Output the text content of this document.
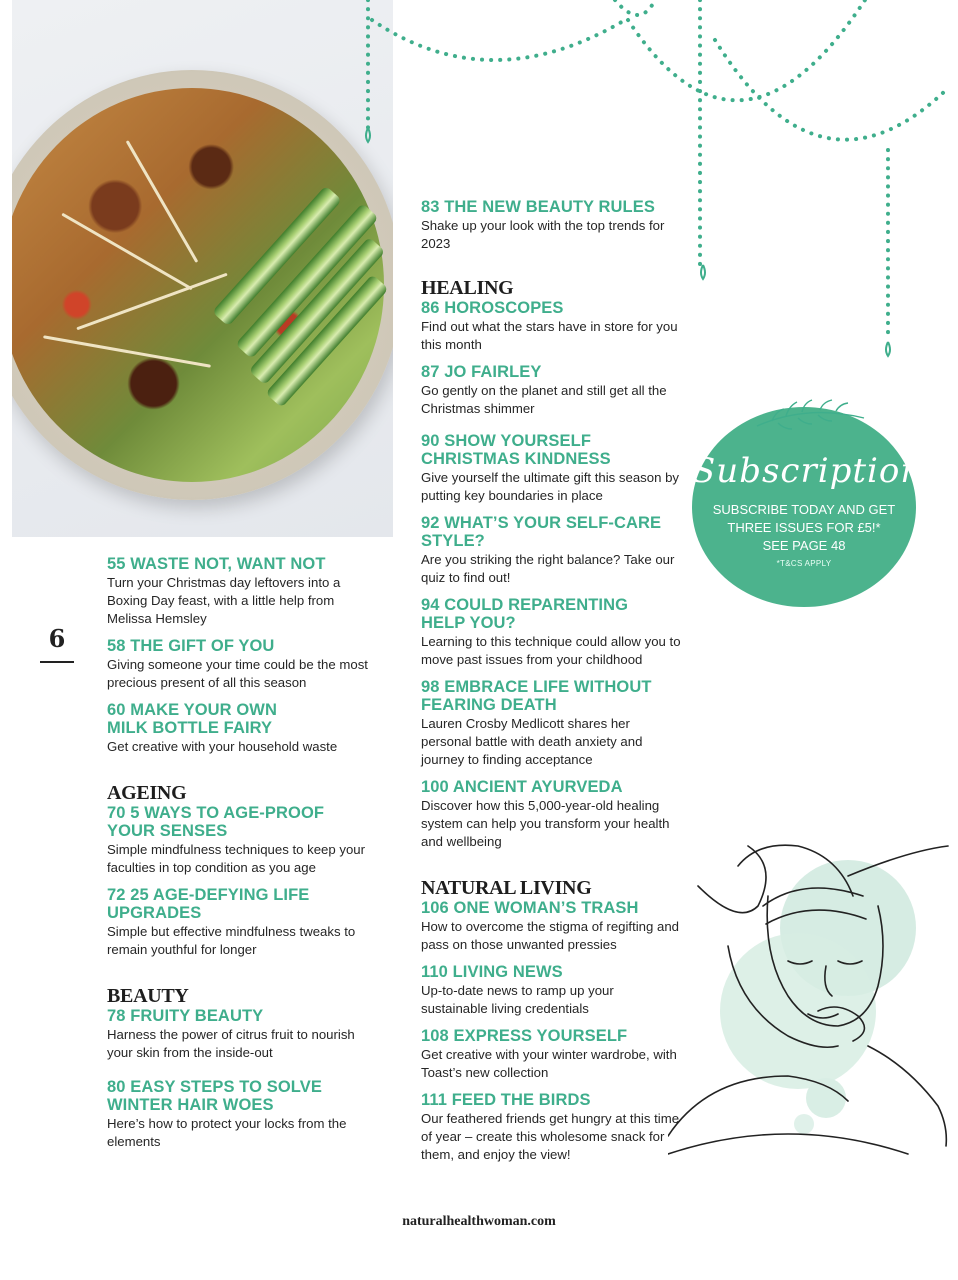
6
55 WASTE NOT, WANT NOT
Turn your Christmas day leftovers into a Boxing Day feast, with a little help from Melissa Hemsley
58 THE GIFT OF YOU
Giving someone your time could be the most precious present of all this season
60 MAKE YOUR OWN
MILK BOTTLE FAIRY
Get creative with your household waste
AGEING
70 5 WAYS TO AGE-PROOF
YOUR SENSES
Simple mindfulness techniques to keep your faculties in top condition as you age
72 25 AGE-DEFYING LIFE
UPGRADES
Simple but effective mindfulness tweaks to remain youthful for longer
BEAUTY
78 FRUITY BEAUTY
Harness the power of citrus fruit to nourish your skin from the inside-out
80 EASY STEPS TO SOLVE
WINTER HAIR WOES
Here’s how to protect your locks from the elements
83 THE NEW BEAUTY RULES
Shake up your look with the top trends for 2023
HEALING
86 HOROSCOPES
Find out what the stars have in store for you this month
87 JO FAIRLEY
Go gently on the planet and still get all the Christmas shimmer
90 SHOW YOURSELF
CHRISTMAS KINDNESS
Give yourself the ultimate gift this season by putting key boundaries in place
92 WHAT’S YOUR SELF-CARE
STYLE?
Are you striking the right balance? Take our quiz to find out!
94 COULD REPARENTING
HELP YOU?
Learning to this technique could allow you to move past issues from your childhood
98 EMBRACE LIFE WITHOUT
FEARING DEATH
Lauren Crosby Medlicott shares her personal battle with death anxiety and journey to finding acceptance
100 ANCIENT AYURVEDA
Discover how this 5,000-year-old healing system can help you transform your health and wellbeing
NATURAL LIVING
106 ONE WOMAN’S TRASH
How to overcome the stigma of regifting and pass on those unwanted pressies
110 LIVING NEWS
Up-to-date news to ramp up your sustainable living credentials
108 EXPRESS YOURSELF
Get creative with your winter wardrobe, with Toast’s new collection
111 FEED THE BIRDS
Our feathered friends get hungry at this time of year – create this wholesome snack for them, and enjoy the view!
Subscriptions
SUBSCRIBE TODAY AND GET
THREE ISSUES FOR £5!*
SEE PAGE 48
*T&CS APPLY
naturalhealthwoman.com
